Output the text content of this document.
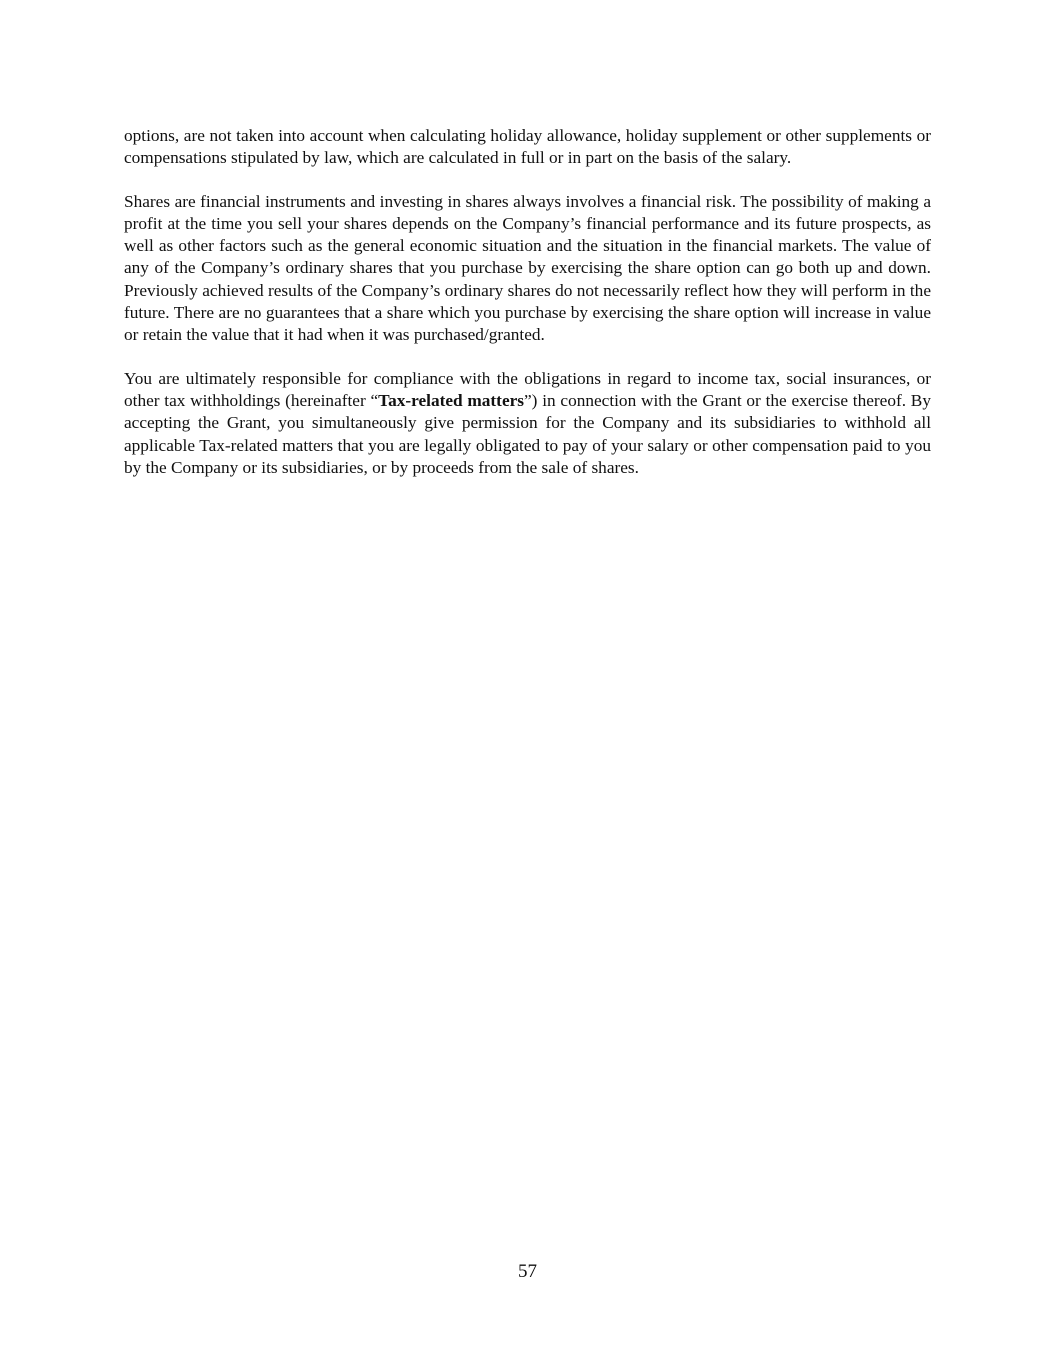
options, are not taken into account when calculating holiday allowance, holiday supplement or other supplements or compensations stipulated by law, which are calculated in full or in part on the basis of the salary.

Shares are financial instruments and investing in shares always involves a financial risk. The possibility of making a profit at the time you sell your shares depends on the Company’s financial performance and its future prospects, as well as other factors such as the general economic situation and the situation in the financial markets. The value of any of the Company’s ordinary shares that you purchase by exercising the share option can go both up and down. Previously achieved results of the Company’s ordinary shares do not necessarily reflect how they will perform in the future. There are no guarantees that a share which you purchase by exercising the share option will increase in value or retain the value that it had when it was purchased/granted.

You are ultimately responsible for compliance with the obligations in regard to income tax, social insurances, or other tax withholdings (hereinafter “Tax-related matters”) in connection with the Grant or the exercise thereof. By accepting the Grant, you simultaneously give permission for the Company and its subsidiaries to withhold all applicable Tax-related matters that you are legally obligated to pay of your salary or other compensation paid to you by the Company or its subsidiaries, or by proceeds from the sale of shares.

57
